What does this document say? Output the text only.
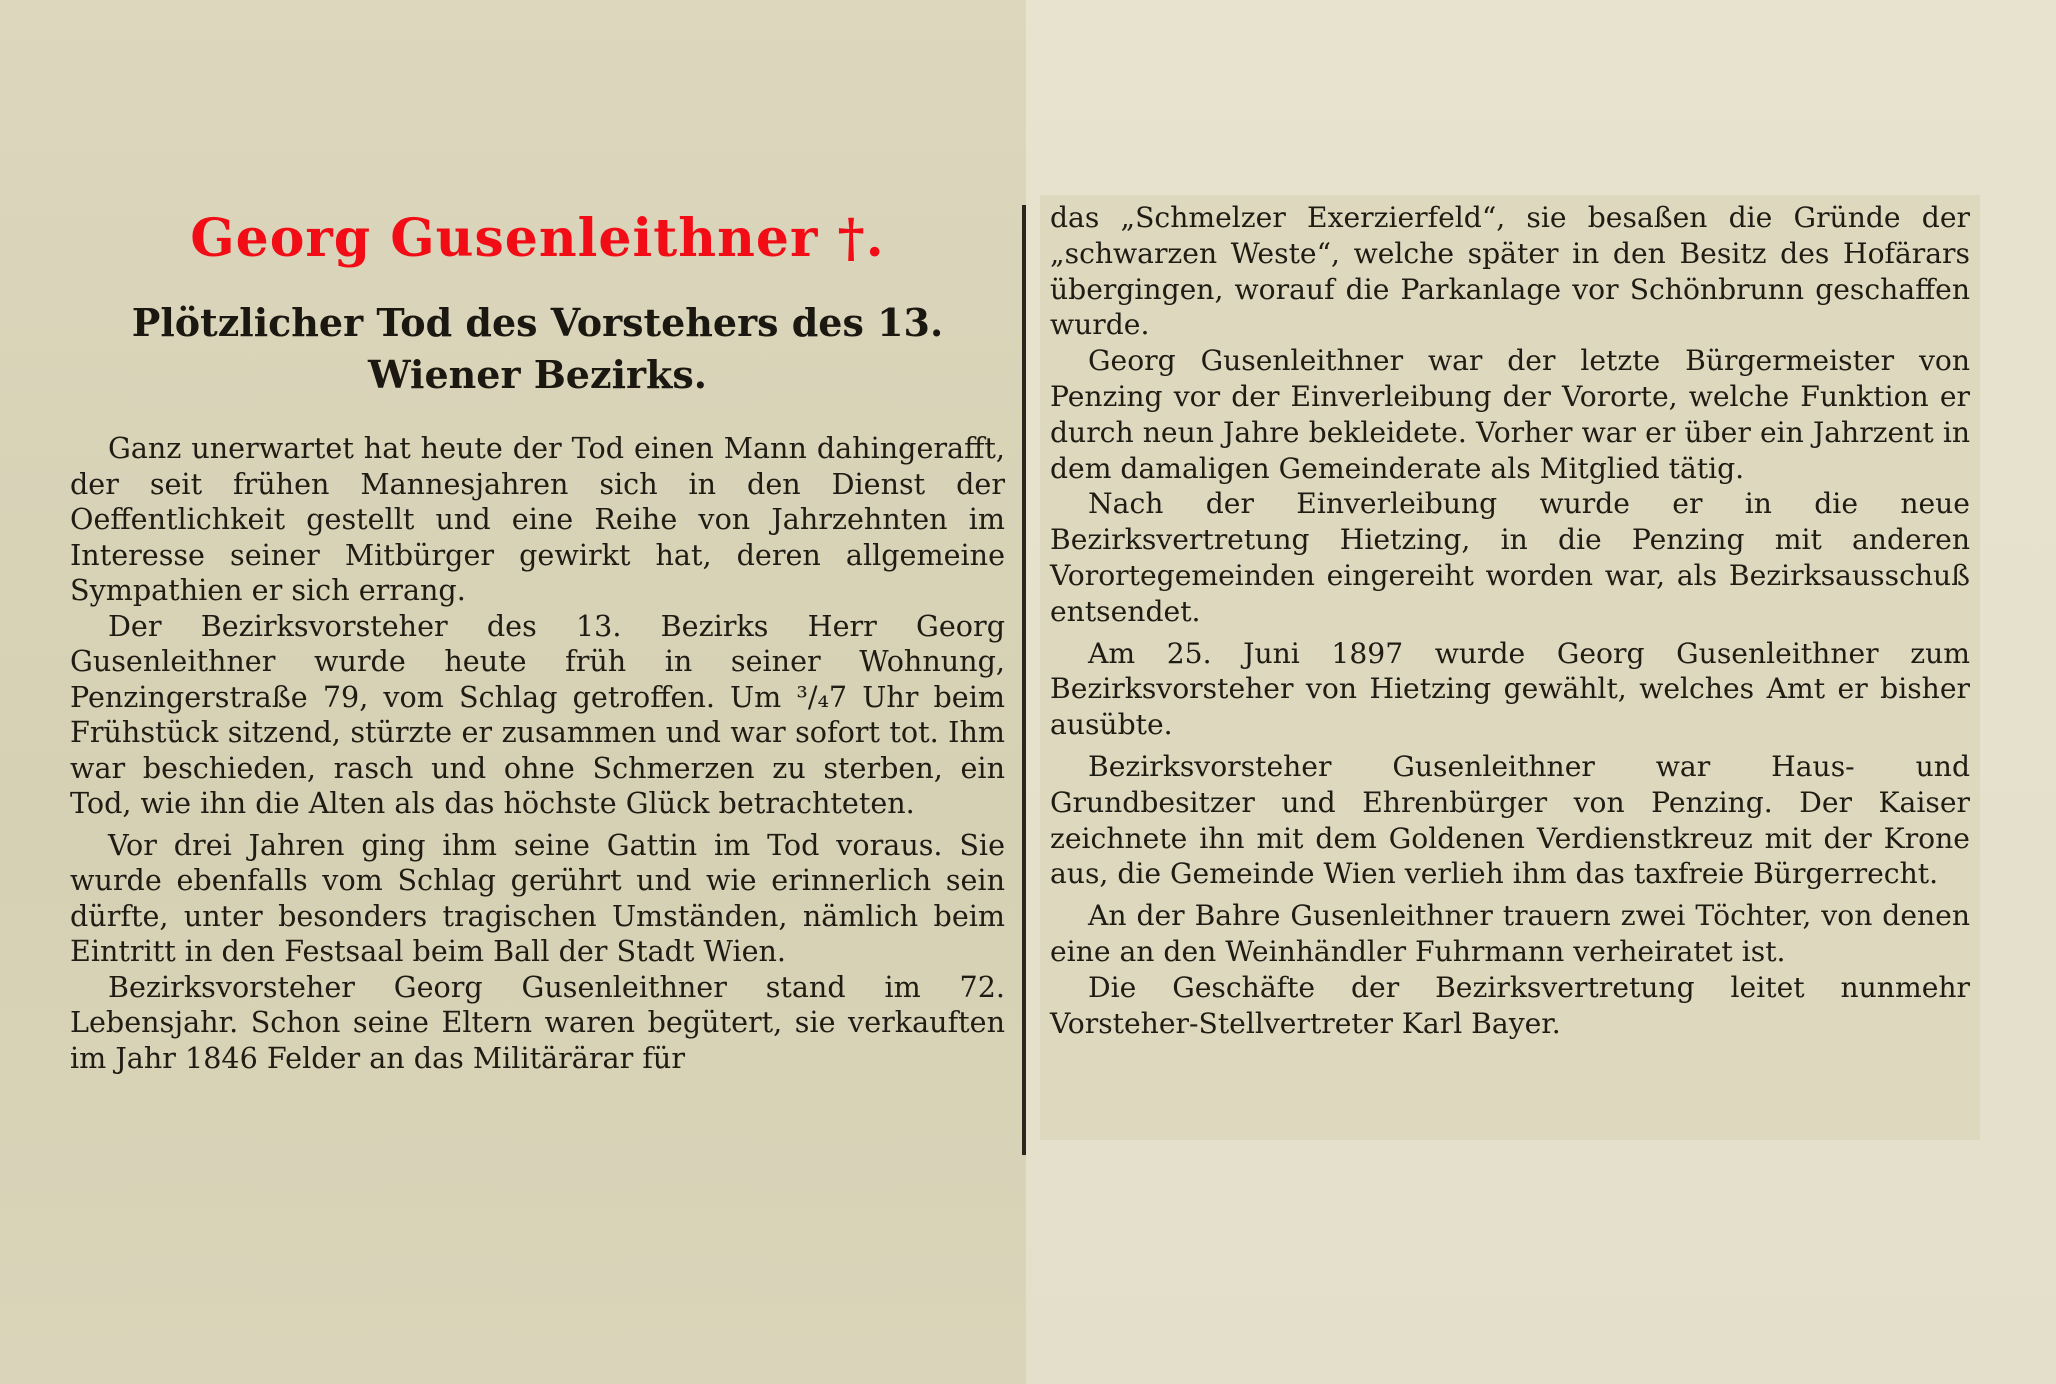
Georg Gusenleithner †.
Plötzlicher Tod des Vorstehers des 13. Wiener Bezirks.

Ganz unerwartet hat heute der Tod einen Mann dahingerafft, der seit frühen Mannesjahren sich in den Dienst der Oeffentlichkeit gestellt und eine Reihe von Jahrzehnten im Interesse seiner Mitbürger gewirkt hat, deren allgemeine Sympathien er sich errang.

Der Bezirksvorsteher des 13. Bezirks Herr Georg Gusenleithner wurde heute früh in seiner Wohnung, Penzingerstraße 79, vom Schlag getroffen. Um ³/₄7 Uhr beim Frühstück sitzend, stürzte er zusammen und war sofort tot. Ihm war beschieden, rasch und ohne Schmerzen zu sterben, ein Tod, wie ihn die Alten als das höchste Glück betrachteten.

Vor drei Jahren ging ihm seine Gattin im Tod voraus. Sie wurde ebenfalls vom Schlag gerührt und wie erinnerlich sein dürfte, unter besonders tragischen Umständen, nämlich beim Eintritt in den Festsaal beim Ball der Stadt Wien.

Bezirksvorsteher Georg Gusenleithner stand im 72. Lebensjahr. Schon seine Eltern waren begütert, sie verkauften im Jahr 1846 Felder an das Militärärar für

das „Schmelzer Exerzierfeld“, sie besaßen die Gründe der „schwarzen Weste“, welche später in den Besitz des Hofärars übergingen, worauf die Parkanlage vor Schönbrunn geschaffen wurde.

Georg Gusenleithner war der letzte Bürgermeister von Penzing vor der Einverleibung der Vororte, welche Funktion er durch neun Jahre bekleidete. Vorher war er über ein Jahrzent in dem damaligen Gemeinderate als Mitglied tätig.

Nach der Einverleibung wurde er in die neue Bezirksvertretung Hietzing, in die Penzing mit anderen Vorortegemeinden eingereiht worden war, als Bezirksausschuß entsendet.

Am 25. Juni 1897 wurde Georg Gusenleithner zum Bezirksvorsteher von Hietzing gewählt, welches Amt er bisher ausübte.

Bezirksvorsteher Gusenleithner war Haus- und Grundbesitzer und Ehrenbürger von Penzing. Der Kaiser zeichnete ihn mit dem Goldenen Verdienstkreuz mit der Krone aus, die Gemeinde Wien verlieh ihm das taxfreie Bürgerrecht.

An der Bahre Gusenleithner trauern zwei Töchter, von denen eine an den Weinhändler Fuhrmann verheiratet ist.

Die Geschäfte der Bezirksvertretung leitet nunmehr Vorsteher-Stellvertreter Karl Bayer.
